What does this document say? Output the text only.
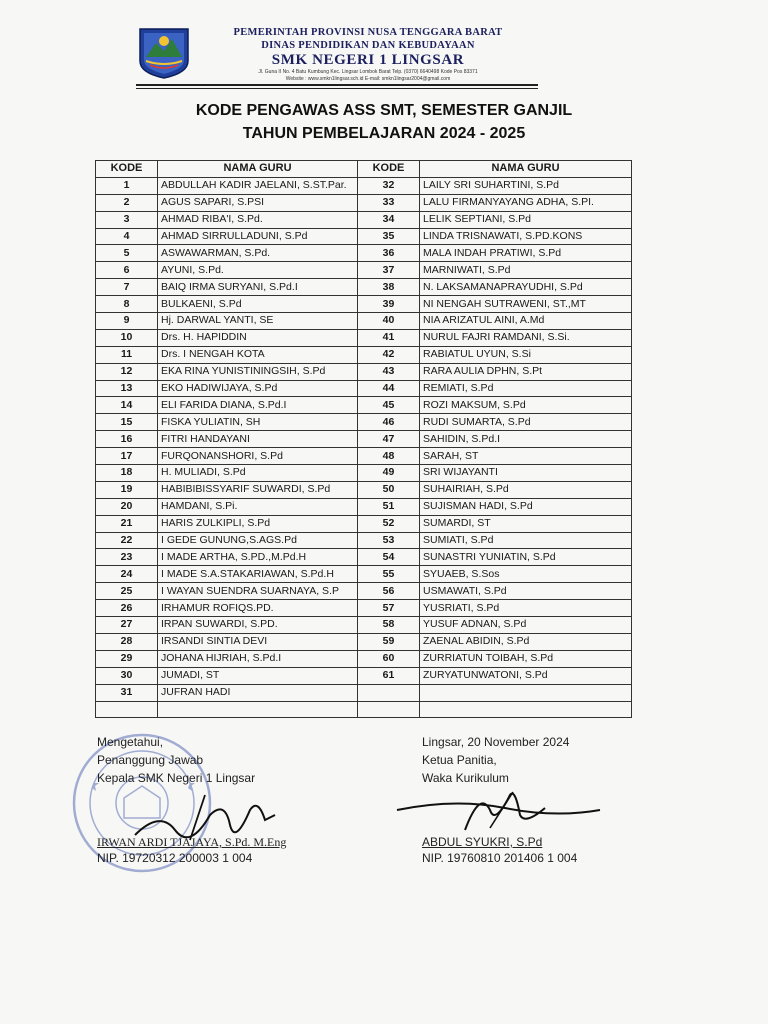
PEMERINTAH PROVINSI NUSA TENGGARA BARAT
DINAS PENDIDIKAN DAN KEBUDAYAAN
SMK NEGERI 1 LINGSAR
Jl. Guna II No. 4 Batu Kumbung Kec. Lingsar Lombok Barat Telp. (0370) 6640498 Kode Pos 83371
Website : www.smkn1lingsar.sch.id E-mail: smkn1lingsar2004@gmail.com
KODE PENGAWAS ASS SMT, SEMESTER GANJIL
TAHUN PEMBELAJARAN 2024 - 2025
KODE	NAMA GURU	KODE	NAMA GURU
1	ABDULLAH KADIR JAELANI, S.ST.Par.	32	LAILY SRI SUHARTINI, S.Pd
2	AGUS SAPARI, S.PSI	33	LALU FIRMANYAYANG ADHA, S.PI.
3	AHMAD RIBA'I, S.Pd.	34	LELIK SEPTIANI, S.Pd
4	AHMAD SIRRULLADUNI, S.Pd	35	LINDA TRISNAWATI, S.PD.KONS
5	ASWAWARMAN, S.Pd.	36	MALA INDAH PRATIWI, S.Pd
6	AYUNI, S.Pd.	37	MARNIWATI, S.Pd
7	BAIQ IRMA SURYANI, S.Pd.I	38	N. LAKSAMANAPRAYUDHI, S.Pd
8	BULKAENI, S.Pd	39	NI NENGAH SUTRAWENI, ST.,MT
9	Hj. DARWAL YANTI, SE	40	NIA ARIZATUL AINI, A.Md
10	Drs. H. HAPIDDIN	41	NURUL FAJRI RAMDANI, S.Si.
11	Drs. I NENGAH KOTA	42	RABIATUL UYUN, S.Si
12	EKA RINA YUNISTININGSIH, S.Pd	43	RARA AULIA DPHN, S.Pt
13	EKO HADIWIJAYA, S.Pd	44	REMIATI, S.Pd
14	ELI FARIDA DIANA, S.Pd.I	45	ROZI MAKSUM, S.Pd
15	FISKA YULIATIN, SH	46	RUDI SUMARTA, S.Pd
16	FITRI HANDAYANI	47	SAHIDIN, S.Pd.I
17	FURQONANSHORI, S.Pd	48	SARAH, ST
18	H. MULIADI, S.Pd	49	SRI WIJAYANTI
19	HABIBIBISSYARIF SUWARDI, S.Pd	50	SUHAIRIAH, S.Pd
20	HAMDANI, S.Pi.	51	SUJISMAN HADI, S.Pd
21	HARIS ZULKIPLI, S.Pd	52	SUMARDI, ST
22	I GEDE GUNUNG,S.AGS.Pd	53	SUMIATI, S.Pd
23	I MADE ARTHA, S.PD.,M.Pd.H	54	SUNASTRI YUNIATIN, S.Pd
24	I MADE S.A.STAKARIAWAN, S.Pd.H	55	SYUAEB, S.Sos
25	I WAYAN SUENDRA SUARNAYA, S.P	56	USMAWATI, S.Pd
26	IRHAMUR ROFIQS.PD.	57	YUSRIATI, S.Pd
27	IRPAN SUWARDI, S.PD.	58	YUSUF ADNAN, S.Pd
28	IRSANDI SINTIA DEVI	59	ZAENAL ABIDIN, S.Pd
29	JOHANA HIJRIAH, S.Pd.I	60	ZURRIATUN TOIBAH, S.Pd
30	JUMADI, ST	61	ZURYATUNWATONI, S.Pd
31	JUFRAN HADI		

Mengetahui,
Penanggung Jawab
Kepala SMK Negeri 1 Lingsar
IRWAN ARDI TJAJAYA, S.Pd. M.Eng
NIP. 19720312 200003 1 004
Lingsar, 20 November 2024
Ketua Panitia,
Waka Kurikulum
ABDUL SYUKRI, S.Pd
NIP. 19760810 201406 1 004
